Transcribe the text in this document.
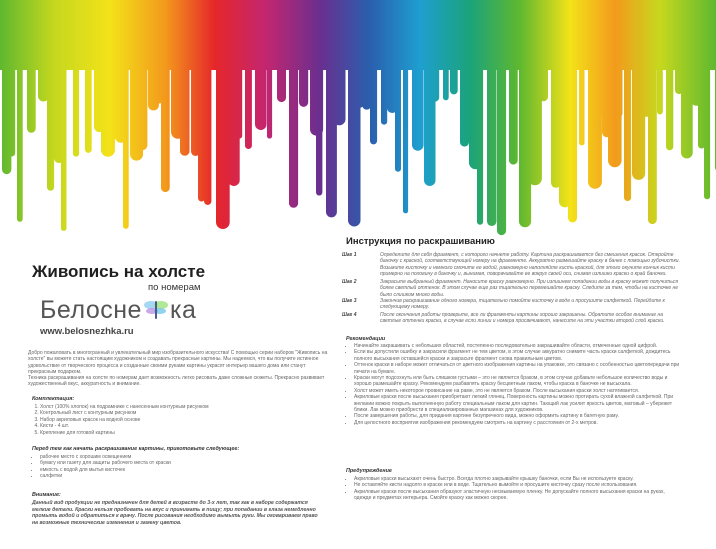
Живопись на холсте
по номерам
Белосне ка
www.belosnezhka.ru
Добро пожаловать в многогранный и увлекательный мир изобразительного искусства! С помощью серии наборов "Живопись на холсте" вы можете стать настоящим художником и создавать прекрасные картины. Мы надеемся, что вы получите истинное удовольствие от творческого процесса и созданные своими руками картины украсят интерьер вашего дома или станут прекрасным подарком.
Техника раскрашивания на холсте по номерам дает возможность легко рисовать даже сложные сюжеты. Прекрасно развивает художественный вкус, аккуратность и внимание.
Комплектация:
1. Холст (100% хлопок) на подрамнике с нанесенным контурным рисунком
2. Контрольный лист с контурным рисунком
3. Набор акриловых красок на водной основе
4. Кисти - 4 шт.
5. Крепление для готовой картины
Перед тем как начать раскрашивание картины, приготовьте следующее:
• рабочее место с хорошим освещением
• бумагу или газету для защиты рабочего места от краски
• емкость с водой для мытья кисточек
• салфетки
Внимание:
Данный вид продукции не предназначен для детей в возрасте до 3-х лет, так как в наборе содержатся мелкие детали. Краски нельзя пробовать на вкус и принимать в пищу; при попадании в глаза немедленно промыть водой и обратиться к врачу. После рисования необходимо вымыть руки. Мы оговариваем право на возможные технические изменения и замену цветов.
Инструкция по раскрашиванию
Шаг 1	Определите для себя фрагмент, с которого начнете работу. Картина раскрашивается без смешения красок. Откройте баночку с краской, соответствующей номеру на фрагменте. Аккуратно размешайте краску в банке с помощью зубочистки. Возьмите кисточку и немного смочите ее водой, равномерно наполняйте кисть краской, для этого окуните кончик кисти примерно на половину в баночку и, вынимая, поворачивайте ее вокруг своей оси, снимая излишки краски о край баночки.
Шаг 2	Закрасьте выбранный фрагмент. Наносите краску равномерно. При излишнем попадании воды в краску может получиться более светлый оттенок. В этом случае еще раз тщательно перемешайте краску. Следите за тем, чтобы на кисточке не было слишком много воды.
Шаг 3	Закончив раскрашивание одного номера, тщательно помойте кисточку в воде и просушите салфеткой. Перейдите к следующему номеру.
Шаг 4	После окончания работы проверьте, все ли фрагменты картины хорошо закрашены. Обратите особое внимание на светлые оттенки краски, в случае если линии и номера просвечивают, нанесите на эти участки второй слой краски.
Рекомендации
• Начинайте закрашивать с небольших областей, постепенно последовательно закрашивайте области, отмеченные одной цифрой.
• Если вы допустили ошибку и закрасили фрагмент не тем цветом, в этом случае аккуратно снимите часть краски салфеткой, дождитесь полного высыхания оставшейся краски и закрасьте фрагмент снова правильным цветом.
• Оттенок краски в наборе может отличаться от цветного изображения картины на упаковке, это связано с особенностью цветопередачи при печати на бумаге.
• Краски могут подсохнуть или быть слишком густыми – это не является браком, в этом случае добавьте небольшое количество воды и хорошо размешайте краску. Рекомендуем разбавлять краску бесцветным лаком, чтобы краска в баночке не высыхала.
• Холст может иметь некоторое провисание на раме, это не является браком. После высыхания краски холст натягивается.
• Акриловые краски после высыхания приобретают легкий глянец. Поверхность картины можно протирать сухой влажной салфеткой. При желании можно покрыть выполненную работу специальным лаком для картин. Тающий лак усилит яркость цветов, матовый – убережет блики. Лак можно приобрести в специализированных магазинах для художников.
• После завершения работы, для придания картине безупречного вида, можно оформить картину в багетную раму.
• Для целостного восприятия изображения рекомендуем смотреть на картину с расстояния от 2-х метров.
Предупреждение
• Акриловые краски высыхают очень быстро. Всегда плотно закрывайте крышку баночки, если Вы не используете краску.
• Не оставляйте кисти надолго в краске или в воде. Тщательно вымойте и просушите кисточку сразу после использования.
• Акриловые краски после высыхания образуют эластичную несмываемую пленку. Не допускайте полного высыхания краски на руках, одежде и предметах интерьера. Смойте краску как можно скорее.
